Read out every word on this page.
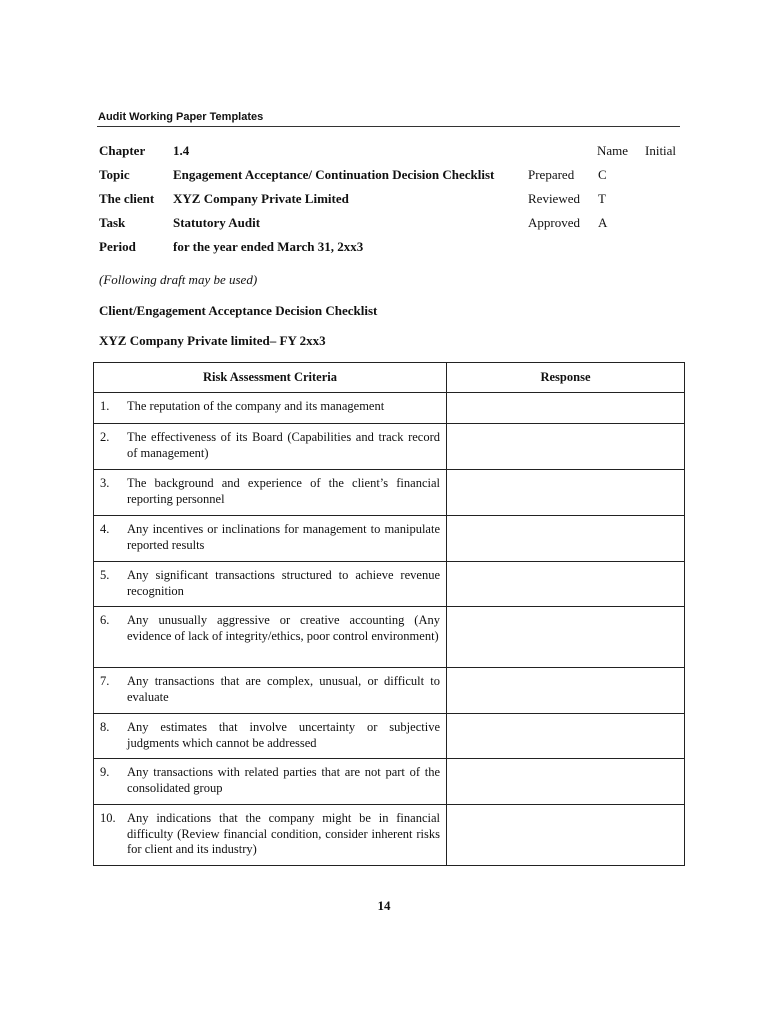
Audit Working Paper Templates
Name Initial
Chapter 1.4
Topic	Engagement Acceptance/ Continuation Decision Checklist	Prepared C
The client XYZ Company Private Limited	Reviewed T
Task	Statutory Audit	Approved A
Period	for the year ended March 31, 2xx3
(Following draft may be used)
Client/Engagement Acceptance Decision Checklist
XYZ Company Private limited– FY 2xx3
Risk Assessment Criteria	Response

1. The reputation of the company and its management	

2. The effectiveness of its Board (Capabilities and track record of management)	

3. The background and experience of the client’s financial reporting personnel	

4. Any incentives or inclinations for management to manipulate reported results	

5. Any significant transactions structured to achieve revenue recognition	

6. Any unusually aggressive or creative accounting (Any evidence of lack of integrity/ethics, poor control environment)	

7. Any transactions that are complex, unusual, or difficult to evaluate	

8. Any estimates that involve uncertainty or subjective judgments which cannot be addressed	

9. Any transactions with related parties that are not part of the consolidated group	

10. Any indications that the company might be in financial difficulty (Review financial condition, consider inherent risks for client and its industry)	

14
